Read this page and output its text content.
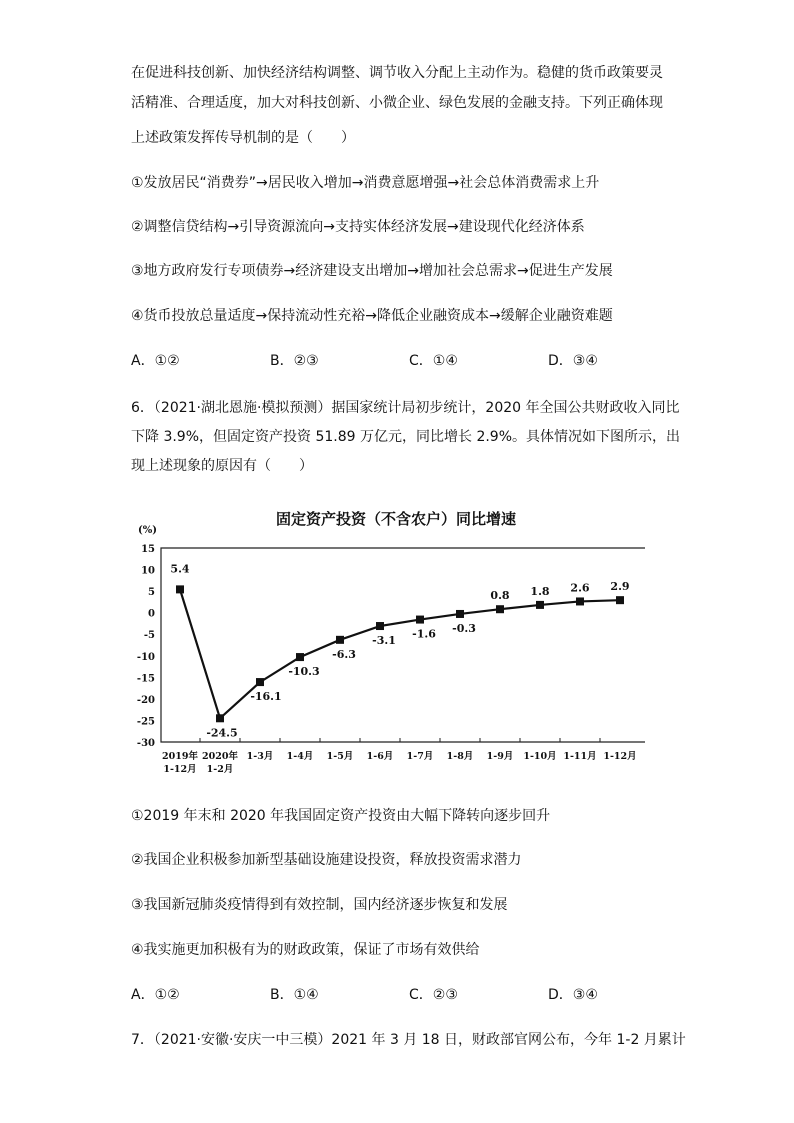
在促进科技创新、加快经济结构调整、调节收入分配上主动作为。稳健的货币政策要灵
活精准、合理适度，加大对科技创新、小微企业、绿色发展的金融支持。下列正确体现
上述政策发挥传导机制的是（　　）
①发放居民“消费券”→居民收入增加→消费意愿增强→社会总体消费需求上升
②调整信贷结构→引导资源流向→支持实体经济发展→建设现代化经济体系
③地方政府发行专项债券→经济建设支出增加→增加社会总需求→促进生产发展
④货币投放总量适度→保持流动性充裕→降低企业融资成本→缓解企业融资难题
A．①②	B．②③	C．①④	D．③④
6．（2021·湖北恩施·模拟预测）据国家统计局初步统计，2020 年全国公共财政收入同比
下降 3.9%，但固定资产投资 51.89 万亿元，同比增长 2.9%。具体情况如下图所示，出
现上述现象的原因有（　　）
固定资产投资（不含农户）同比增速
(%)
15
10
5
0
-5
-10
-15
-20
-25
-30
2019年
1-12月
2020年
1-2月
1-3月 1-4月 1-5月 1-6月 1-7月 1-8月 1-9月 1-10月 1-11月 1-12月
5.4
-24.5
-16.1
-10.3
-6.3
-3.1 -1.6 -0.3
0.8 1.8 2.6 2.9
①2019 年末和 2020 年我国固定资产投资由大幅下降转向逐步回升
②我国企业积极参加新型基础设施建设投资，释放投资需求潜力
③我国新冠肺炎疫情得到有效控制，国内经济逐步恢复和发展
④我实施更加积极有为的财政政策，保证了市场有效供给
A．①②	B．①④	C．②③	D．③④
7．（2021·安徽·安庆一中三模）2021 年 3 月 18 日，财政部官网公布，今年 1-2 月累计
